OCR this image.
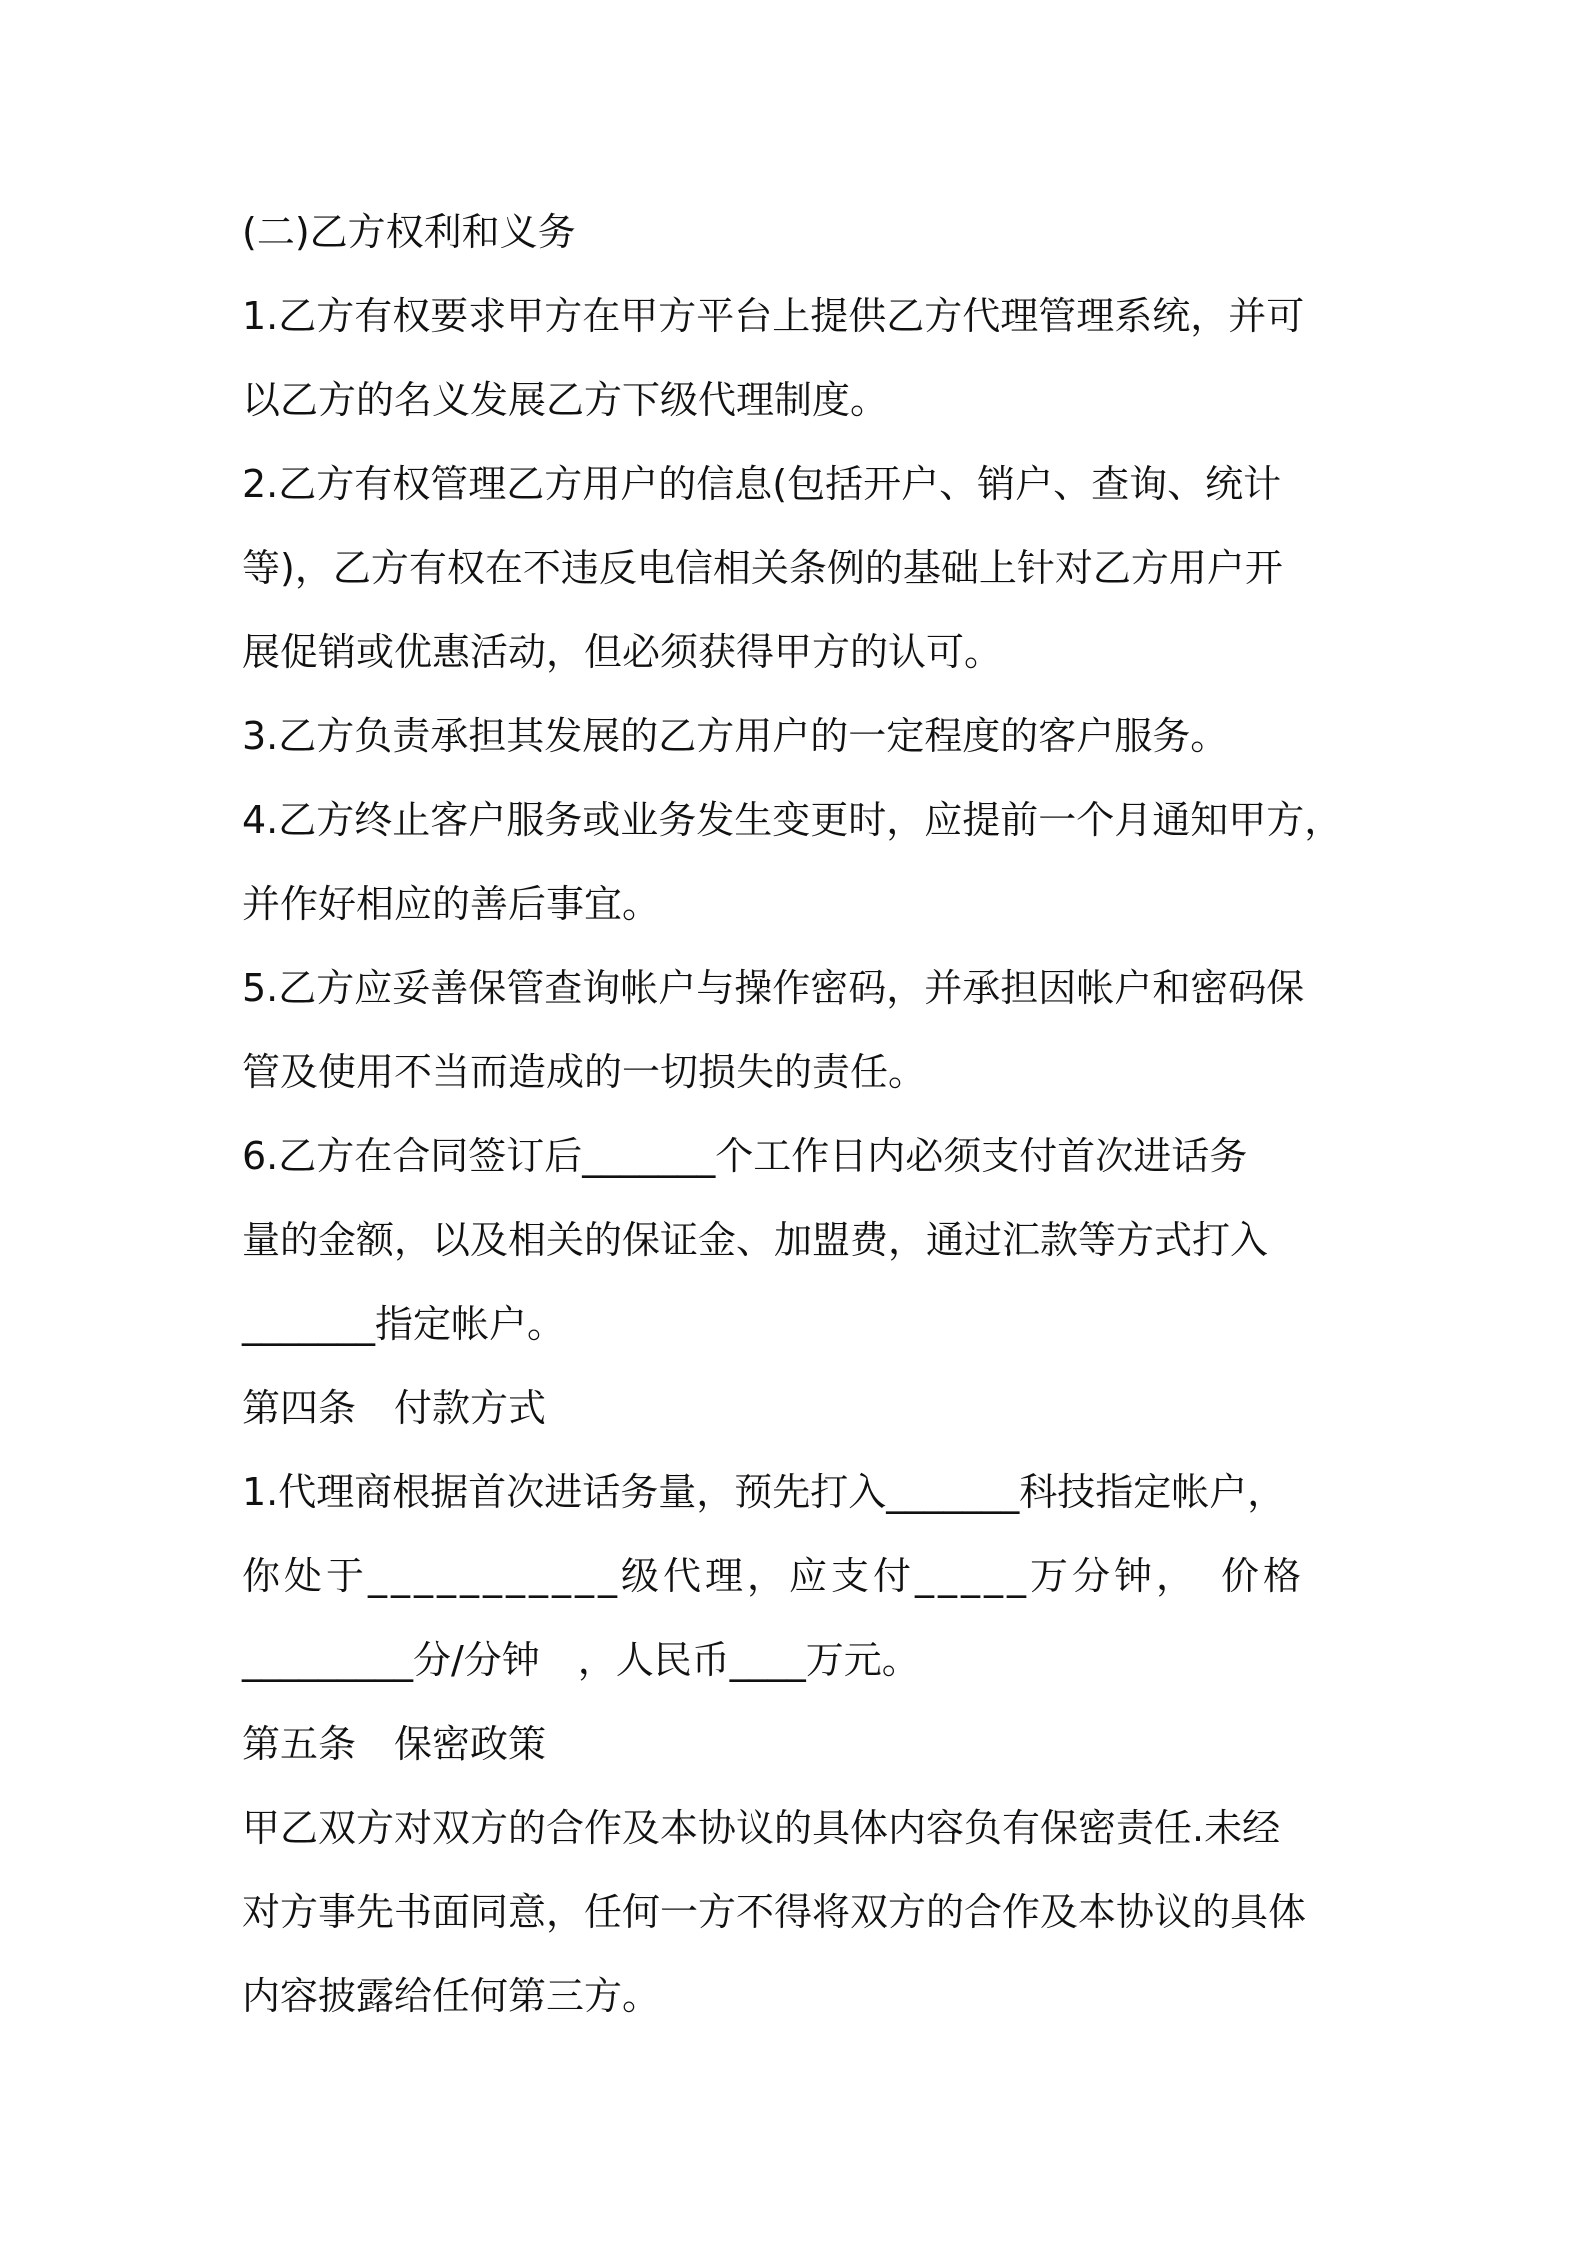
(二)乙方权利和义务
1.乙方有权要求甲方在甲方平台上提供乙方代理管理系统，并可
以乙方的名义发展乙方下级代理制度。
2.乙方有权管理乙方用户的信息(包括开户、销户、查询、统计
等)，乙方有权在不违反电信相关条例的基础上针对乙方用户开
展促销或优惠活动，但必须获得甲方的认可。
3.乙方负责承担其发展的乙方用户的一定程度的客户服务。
4.乙方终止客户服务或业务发生变更时，应提前一个月通知甲方，
并作好相应的善后事宜。
5.乙方应妥善保管查询帐户与操作密码，并承担因帐户和密码保
管及使用不当而造成的一切损失的责任。
6.乙方在合同签订后_______个工作日内必须支付首次进话务
量的金额，以及相关的保证金、加盟费，通过汇款等方式打入
_______指定帐户。
第四条　付款方式
1.代理商根据首次进话务量，预先打入_______科技指定帐户，
你处于___________级代理，应支付_____万分钟，　价格
_________分/分钟　，人民币____万元。
第五条　保密政策
甲乙双方对双方的合作及本协议的具体内容负有保密责任.未经
对方事先书面同意，任何一方不得将双方的合作及本协议的具体
内容披露给任何第三方。
